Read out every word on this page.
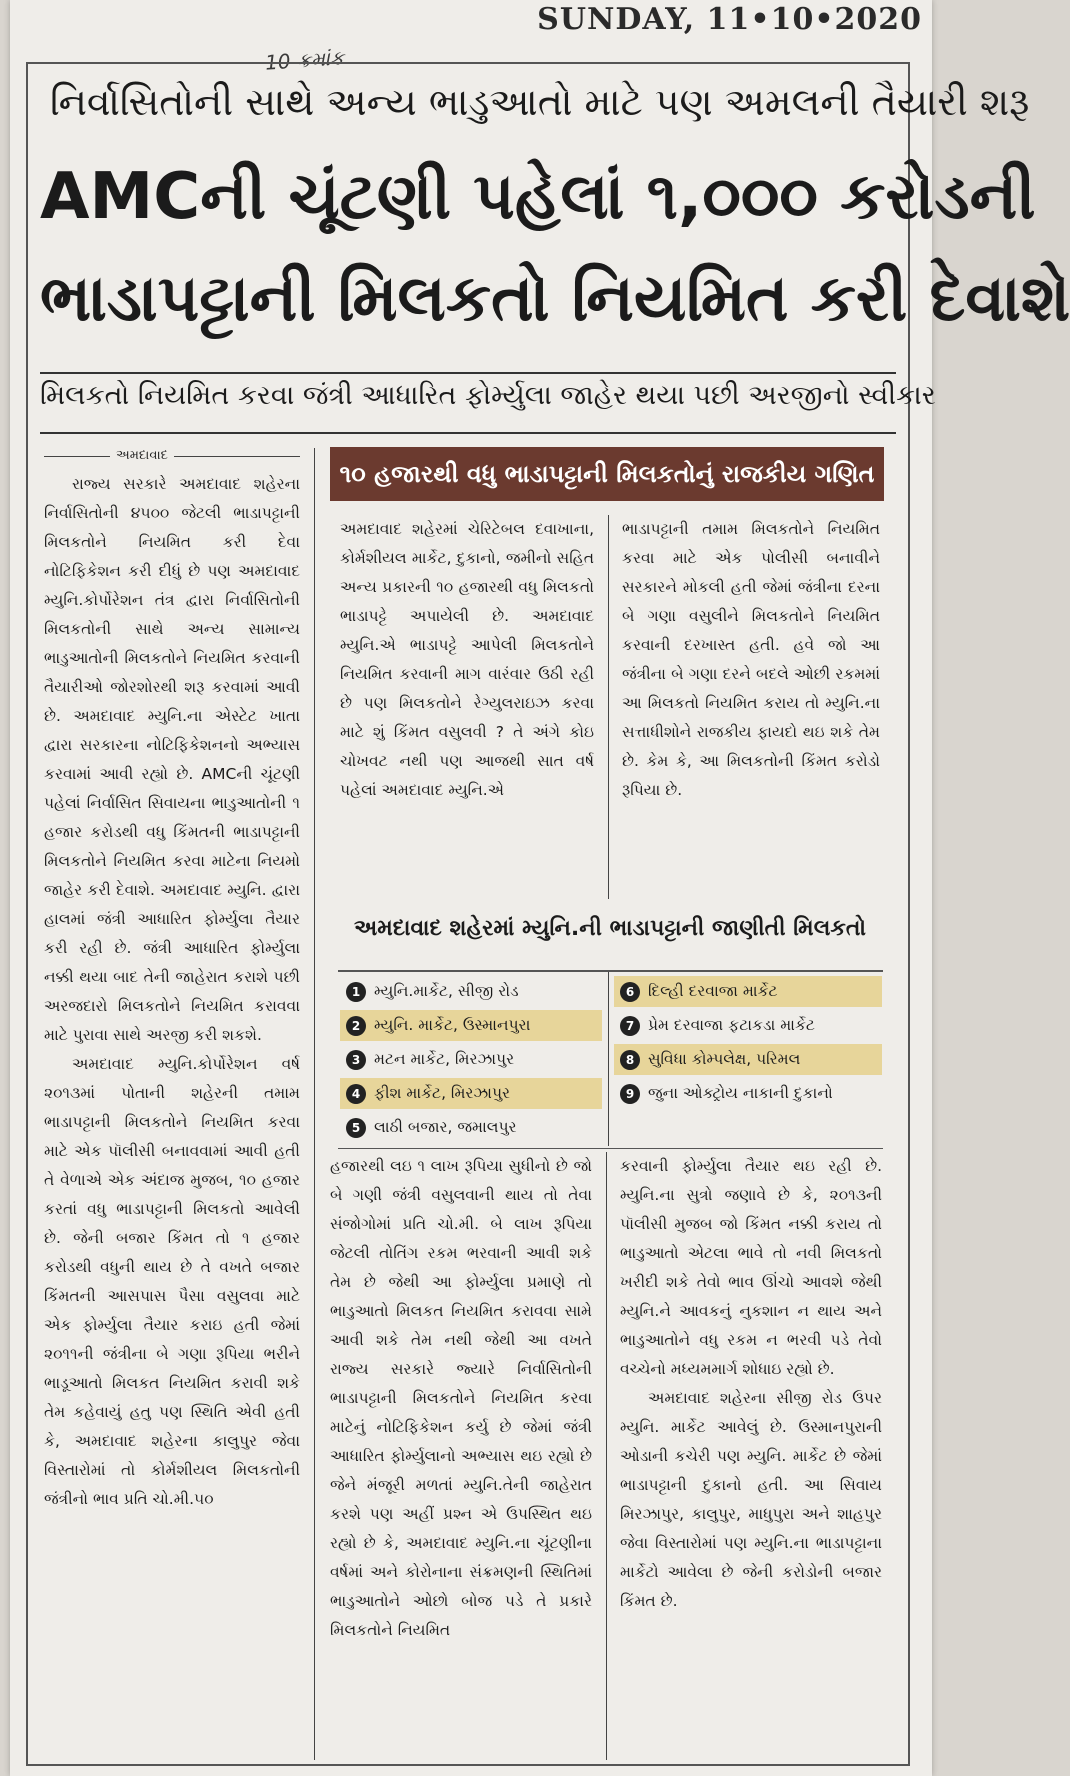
SUNDAY, 11•10•2020
10 ક્રમાંક
નિર્વાસિતોની સાથે અન્ય ભાડુઆતો માટે પણ અમલની તૈયારી શરૂ
AMCની ચૂંટણી પહેલાં ૧,૦૦૦ કરોડની
ભાડાપટ્ટાની મિલકતો નિયમિત કરી દેવાશે
મિલકતો નિયમિત કરવા જંત્રી આધારિત ફોર્મ્યુલા જાહેર થયા પછી અરજીનો સ્વીકાર
અમદાવાદ

રાજ્ય સરકારે અમદાવાદ શહેરના નિર્વાસિતોની ૪૫૦૦ જેટલી ભાડાપટ્ટાની મિલકતોને નિયમિત કરી દેવા નોટિફિકેશન કરી દીધું છે પણ અમદાવાદ મ્યુનિ.કોર્પોરેશન તંત્ર દ્વારા નિર્વાસિતોની મિલકતોની સાથે અન્ય સામાન્ય ભાડુઆતોની મિલકતોને નિયમિત કરવાની તૈયારીઓ જોરશોરથી શરૂ કરવામાં આવી છે. અમદાવાદ મ્યુનિ.ના એસ્ટેટ ખાતા દ્વારા સરકારના નોટિફિકેશનનો અભ્યાસ કરવામાં આવી રહ્યો છે. AMCની ચૂંટણી પહેલાં નિર્વાસિત સિવાયના ભાડુઆતોની ૧ હજાર કરોડથી વધુ કિંમતની ભાડાપટ્ટાની મિલકતોને નિયમિત કરવા માટેના નિયમો જાહેર કરી દેવાશે. અમદાવાદ મ્યુનિ. દ્વારા હાલમાં જંત્રી આધારિત ફોર્મ્યુલા તૈયાર કરી રહી છે. જંત્રી આધારિત ફોર્મ્યુલા નક્કી થયા બાદ તેની જાહેરાત કરાશે પછી અરજદારો મિલકતોને નિયમિત કરાવવા માટે પુરાવા સાથે અરજી કરી શકશે.

અમદાવાદ મ્યુનિ.કોર્પોરેશન વર્ષ ૨૦૧૩માં પોતાની શહેરની તમામ ભાડાપટ્ટાની મિલકતોને નિયમિત કરવા માટે એક પૉલીસી બનાવવામાં આવી હતી તે વેળાએ એક અંદાજ મુજબ, ૧૦ હજાર કરતાં વધુ ભાડાપટ્ટાની મિલકતો આવેલી છે. જેની બજાર કિંમત તો ૧ હજાર કરોડથી વધુની થાય છે તે વખતે બજાર કિંમતની આસપાસ પૈસા વસુલવા માટે એક ફોર્મ્યુલા તૈયાર કરાઇ હતી જેમાં ૨૦૧૧ની જંત્રીના બે ગણા રૂપિયા ભરીને ભાડૂઆતો મિલકત નિયમિત કરાવી શકે તેમ કહેવાયું હતુ પણ સ્થિતિ એવી હતી કે, અમદાવાદ શહેરના કાલુપુર જેવા વિસ્તારોમાં તો કોર્મશીયલ મિલકતોની જંત્રીનો ભાવ પ્રતિ ચો.મી.૫૦

૧૦ હજારથી વધુ ભાડાપટ્ટાની મિલકતોનું રાજકીય ગણિત
અમદાવાદ શહેરમાં ચેરિટેબલ દવાખાના, કોર્મશીયલ માર્કેટ, દુકાનો, જમીનો સહિત અન્ય પ્રકારની ૧૦ હજારથી વધુ મિલકતો ભાડાપટ્ટે અપાયેલી છે. અમદાવાદ મ્યુનિ.એ ભાડાપટ્ટે આપેલી મિલકતોને નિયમિત કરવાની માગ વારંવાર ઉઠી રહી છે પણ મિલકતોને રેગ્યુલરાઇઝ કરવા માટે શું કિંમત વસુલવી ? તે અંગે કોઇ ચોખવટ નથી પણ આજથી સાત વર્ષ પહેલાં અમદાવાદ મ્યુનિ.એ
ભાડાપટ્ટાની તમામ મિલકતોને નિયમિત કરવા માટે એક પોલીસી બનાવીને સરકારને મોકલી હતી જેમાં જંત્રીના દરના બે ગણા વસુલીને મિલકતોને નિયમિત કરવાની દરખાસ્ત હતી. હવે જો આ જંત્રીના બે ગણા દરને બદલે ઓછી રકમમાં આ મિલકતો નિયમિત કરાય તો મ્યુનિ.ના સત્તાધીશોને રાજકીય ફાયદો થઇ શકે તેમ છે. કેમ કે, આ મિલકતોની કિંમત કરોડો રૂપિયા છે.
અમદાવાદ શહેરમાં મ્યુનિ.ની ભાડાપટ્ટાની જાણીતી મિલકતો
1 મ્યુનિ.માર્કેટ, સીજી રોડ
2 મ્યુનિ. માર્કેટ, ઉસ્માનપુરા
3 મટન માર્કેટ, મિરઝાપુર
4 ફીશ માર્કેટ, મિરઝાપુર
5 લાઠી બજાર, જમાલપુર
6 દિલ્હી દરવાજા માર્કેટ
7 પ્રેમ દરવાજા ફટાકડા માર્કેટ
8 સુવિધા કોમ્પલેક્ષ, પરિમલ
9 જુના ઓક્ટ્રોય નાકાની દુકાનો
હજારથી લઇ ૧ લાખ રૂપિયા સુધીનો છે જો બે ગણી જંત્રી વસુલવાની થાય તો તેવા સંજોગોમાં પ્રતિ ચો.મી. બે લાખ રૂપિયા જેટલી તોતિંગ રકમ ભરવાની આવી શકે તેમ છે જેથી આ ફોર્મ્યુલા પ્રમાણે તો ભાડુઆતો મિલકત નિયમિત કરાવવા સામે આવી શકે તેમ નથી જેથી આ વખતે રાજ્ય સરકારે જ્યારે નિર્વાસિતોની ભાડાપટ્ટાની મિલકતોને નિયમિત કરવા માટેનું નોટિફિકેશન કર્યુ છે જેમાં જંત્રી આધારિત ફોર્મ્યુલાનો અભ્યાસ થઇ રહ્યો છે જેને મંજૂરી મળતાં મ્યુનિ.તેની જાહેરાત કરશે પણ અહીં પ્રશ્ન એ ઉપસ્થિત થઇ રહ્યો છે કે, અમદાવાદ મ્યુનિ.ના ચૂંટણીના વર્ષમાં અને કોરોનાના સંક્રમણની સ્થિતિમાં ભાડુઆતોને ઓછો બોજ પડે તે પ્રકારે મિલકતોને નિયમિત

કરવાની ફોર્મ્યુલા તૈયાર થઇ રહી છે. મ્યુનિ.ના સુત્રો જણાવે છે કે, ૨૦૧૩ની પૉલીસી મુજબ જો કિંમત નક્કી કરાય તો ભાડુઆતો એટલા ભાવે તો નવી મિલકતો ખરીદી શકે તેવો ભાવ ઊંચો આવશે જેથી મ્યુનિ.ને આવકનું નુકશાન ન થાય અને ભાડુઆતોને વધુ રકમ ન ભરવી પડે તેવો વચ્ચેનો મધ્યમમાર્ગ શોધાઇ રહ્યો છે.

અમદાવાદ શહેરના સીજી રોડ ઉપર મ્યુનિ. માર્કેટ આવેલું છે. ઉસ્માનપુરાની ઓડાની કચેરી પણ મ્યુનિ. માર્કેટ છે જેમાં ભાડાપટ્ટાની દુકાનો હતી. આ સિવાય મિરઝાપુર, કાલુપુર, માધુપુરા અને શાહપુર જેવા વિસ્તારોમાં પણ મ્યુનિ.ના ભાડાપટ્ટાના માર્કેટો આવેલા છે જેની કરોડોની બજાર કિંમત છે.
